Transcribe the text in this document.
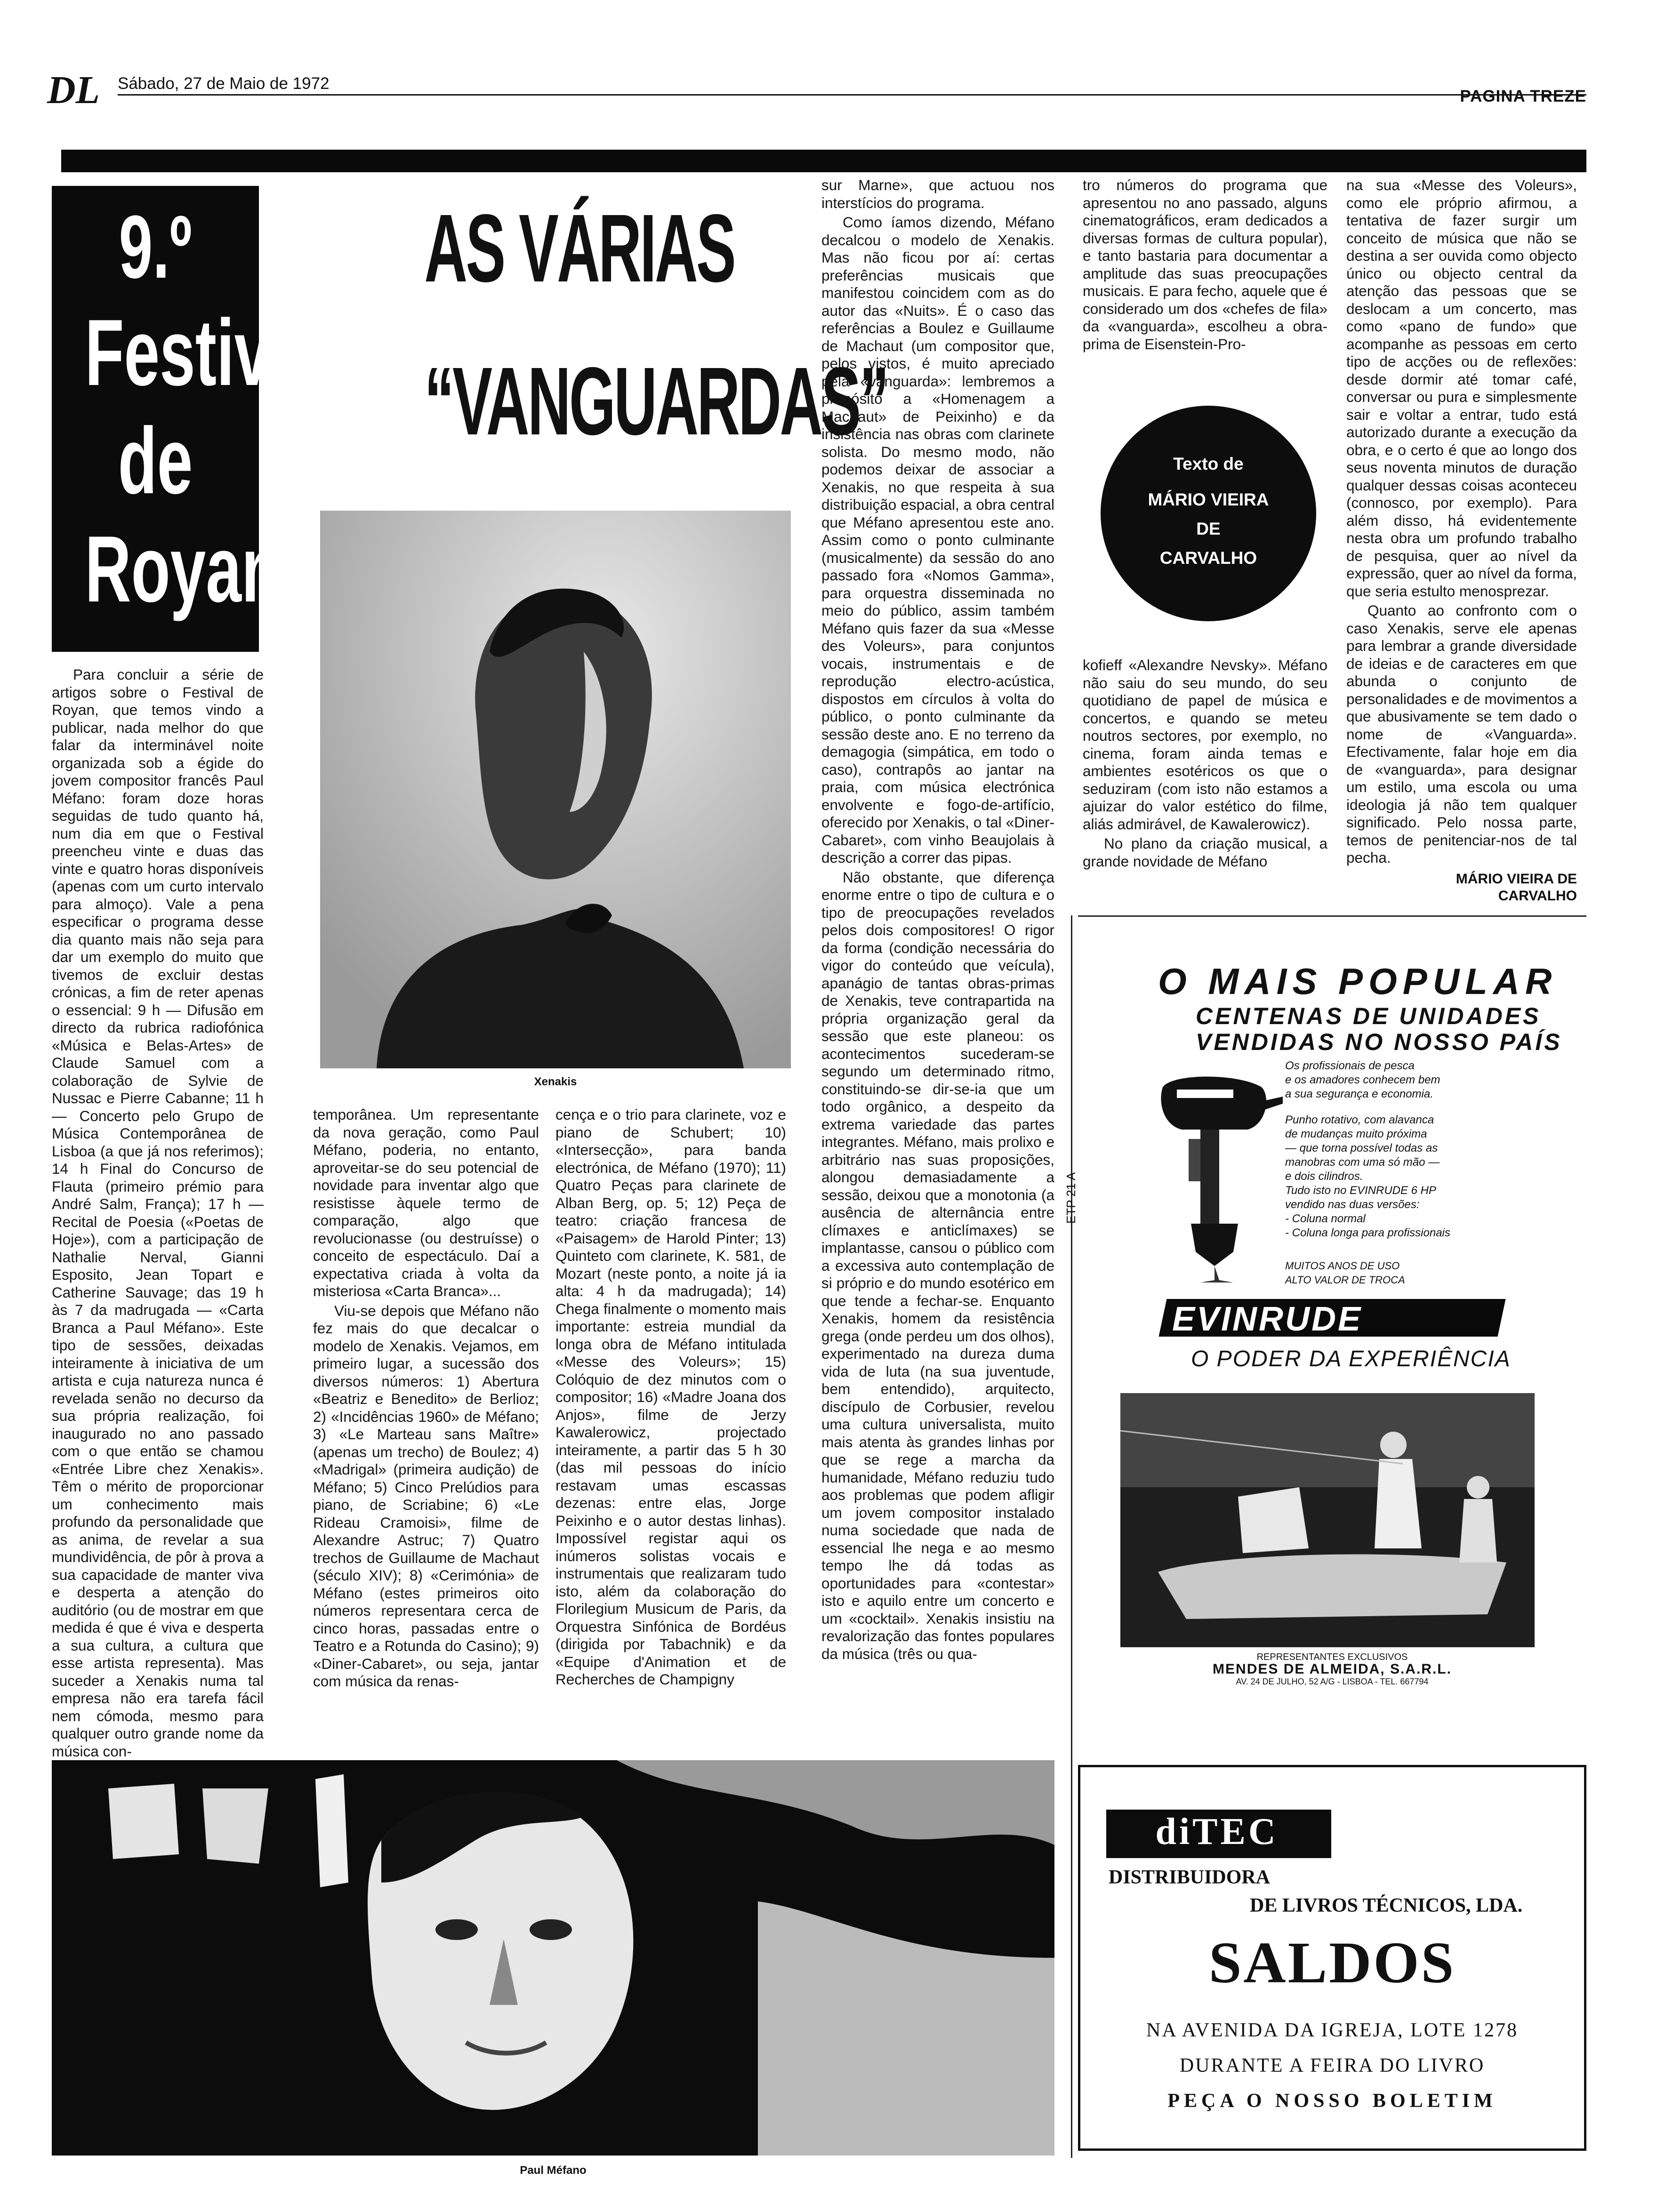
DL Sábado, 27 de Maio de 1972
PAGINA TREZE
9.º
Festival
de
Royan
AS VÁRIAS
“VANGUARDAS”
Xenakis

Para concluir a série de artigos sobre o Festival de Royan, que temos vindo a publicar, nada melhor do que falar da interminável noite organizada sob a égide do jovem compositor francês Paul Méfano: foram doze horas seguidas de tudo quanto há, num dia em que o Festival preencheu vinte e duas das vinte e quatro horas disponíveis (apenas com um curto intervalo para almoço). Vale a pena especificar o programa desse dia quanto mais não seja para dar um exemplo do muito que tivemos de excluir destas crónicas, a fim de reter apenas o essencial: 9 h — Difusão em directo da rubrica radiofónica «Música e Belas-Artes» de Claude Samuel com a colaboração de Sylvie de Nussac e Pierre Cabanne; 11 h — Concerto pelo Grupo de Música Contemporânea de Lisboa (a que já nos referimos); 14 h Final do Concurso de Flauta (primeiro prémio para André Salm, França); 17 h — Recital de Poesia («Poetas de Hoje»), com a participação de Nathalie Nerval, Gianni Esposito, Jean Topart e Catherine Sauvage; das 19 h às 7 da madrugada — «Carta Branca a Paul Méfano». Este tipo de sessões, deixadas inteiramente à iniciativa de um artista e cuja natureza nunca é revelada senão no decurso da sua própria realização, foi inaugurado no ano passado com o que então se chamou «Entrée Libre chez Xenakis». Têm o mérito de proporcionar um conhecimento mais profundo da personalidade que as anima, de revelar a sua mundividência, de pôr à prova a sua capacidade de manter viva e desperta a atenção do auditório (ou de mostrar em que medida é que é viva e desperta a sua cultura, a cultura que esse artista representa). Mas suceder a Xenakis numa tal empresa não era tarefa fácil nem cómoda, mesmo para qualquer outro grande nome da música con-

temporânea. Um representante da nova geração, como Paul Méfano, poderia, no entanto, aproveitar-se do seu potencial de novidade para inventar algo que resistisse àquele termo de comparação, algo que revolucionasse (ou destruísse) o conceito de espectáculo. Daí a expectativa criada à volta da misteriosa «Carta Branca»...

Viu-se depois que Méfano não fez mais do que decalcar o modelo de Xenakis. Vejamos, em primeiro lugar, a sucessão dos diversos números: 1) Abertura «Beatriz e Benedito» de Berlioz; 2) «Incidências 1960» de Méfano; 3) «Le Marteau sans Maître» (apenas um trecho) de Boulez; 4) «Madrigal» (primeira audição) de Méfano; 5) Cinco Prelúdios para piano, de Scriabine; 6) «Le Rideau Cramoisi», filme de Alexandre Astruc; 7) Quatro trechos de Guillaume de Machaut (século XIV); 8) «Cerimónia» de Méfano (estes primeiros oito números representara cerca de cinco horas, passadas entre o Teatro e a Rotunda do Casino); 9) «Diner-Cabaret», ou seja, jantar com música da renas-

cença e o trio para clarinete, voz e piano de Schubert; 10) «Intersecção», para banda electrónica, de Méfano (1970); 11) Quatro Peças para clarinete de Alban Berg, op. 5; 12) Peça de teatro: criação francesa de «Paisagem» de Harold Pinter; 13) Quinteto com clarinete, K. 581, de Mozart (neste ponto, a noite já ia alta: 4 h da madrugada); 14) Chega finalmente o momento mais importante: estreia mundial da longa obra de Méfano intitulada «Messe des Voleurs»; 15) Colóquio de dez minutos com o compositor; 16) «Madre Joana dos Anjos», filme de Jerzy Kawalerowicz, projectado inteiramente, a partir das 5 h 30 (das mil pessoas do início restavam umas escassas dezenas: entre elas, Jorge Peixinho e o autor destas linhas). Impossível registar aqui os inúmeros solistas vocais e instrumentais que realizaram tudo isto, além da colaboração do Florilegium Musicum de Paris, da Orquestra Sinfónica de Bordéus (dirigida por Tabachnik) e da «Equipe d'Animation et de Recherches de Champigny

sur Marne», que actuou nos interstícios do programa.

Como íamos dizendo, Méfano decalcou o modelo de Xenakis. Mas não ficou por aí: certas preferências musicais que manifestou coincidem com as do autor das «Nuits». É o caso das referências a Boulez e Guillaume de Machaut (um compositor que, pelos vistos, é muito apreciado pela «vanguarda»: lembremos a propósito a «Homenagem a Machaut» de Peixinho) e da insistência nas obras com clarinete solista. Do mesmo modo, não podemos deixar de associar a Xenakis, no que respeita à sua distribuição espacial, a obra central que Méfano apresentou este ano. Assim como o ponto culminante (musicalmente) da sessão do ano passado fora «Nomos Gamma», para orquestra disseminada no meio do público, assim também Méfano quis fazer da sua «Messe des Voleurs», para conjuntos vocais, instrumentais e de reprodução electro-acústica, dispostos em círculos à volta do público, o ponto culminante da sessão deste ano. E no terreno da demagogia (simpática, em todo o caso), contrapôs ao jantar na praia, com música electrónica envolvente e fogo-de-artifício, oferecido por Xenakis, o tal «Diner-Cabaret», com vinho Beaujolais à descrição a correr das pipas.

Não obstante, que diferença enorme entre o tipo de cultura e o tipo de preocupações revelados pelos dois compositores! O rigor da forma (condição necessária do vigor do conteúdo que veícula), apanágio de tantas obras-primas de Xenakis, teve contrapartida na própria organização geral da sessão que este planeou: os acontecimentos sucederam-se segundo um determinado ritmo, constituindo-se dir-se-ia que um todo orgânico, a despeito da extrema variedade das partes integrantes. Méfano, mais prolixo e arbitrário nas suas proposições, alongou demasiadamente a sessão, deixou que a monotonia (a ausência de alternância entre clímaxes e anticlímaxes) se implantasse, cansou o público com a excessiva auto contemplação de si próprio e do mundo esotérico em que tende a fechar-se. Enquanto Xenakis, homem da resistência grega (onde perdeu um dos olhos), experimentado na dureza duma vida de luta (na sua juventude, bem entendido), arquitecto, discípulo de Corbusier, revelou uma cultura universalista, muito mais atenta às grandes linhas por que se rege a marcha da humanidade, Méfano reduziu tudo aos problemas que podem afligir um jovem compositor instalado numa sociedade que nada de essencial lhe nega e ao mesmo tempo lhe dá todas as oportunidades para «contestar» isto e aquilo entre um concerto e um «cocktail». Xenakis insistiu na revalorização das fontes populares da música (três ou qua-

tro números do programa que apresentou no ano passado, alguns cinematográficos, eram dedicados a diversas formas de cultura popular), e tanto bastaria para documentar a amplitude das suas preocupações musicais. E para fecho, aquele que é considerado um dos «chefes de fila» da «vanguarda», escolheu a obra-prima de Eisenstein-Pro-

Texto de
MÁRIO VIEIRA
DE
CARVALHO

kofieff «Alexandre Nevsky». Méfano não saiu do seu mundo, do seu quotidiano de papel de música e concertos, e quando se meteu noutros sectores, por exemplo, no cinema, foram ainda temas e ambientes esotéricos os que o seduziram (com isto não estamos a ajuizar do valor estético do filme, aliás admirável, de Kawalerowicz).

No plano da criação musical, a grande novidade de Méfano

na sua «Messe des Voleurs», como ele próprio afirmou, a tentativa de fazer surgir um conceito de música que não se destina a ser ouvida como objecto único ou objecto central da atenção das pessoas que se deslocam a um concerto, mas como «pano de fundo» que acompanhe as pessoas em certo tipo de acções ou de reflexões: desde dormir até tomar café, conversar ou pura e simplesmente sair e voltar a entrar, tudo está autorizado durante a execução da obra, e o certo é que ao longo dos seus noventa minutos de duração qualquer dessas coisas aconteceu (connosco, por exemplo). Para além disso, há evidentemente nesta obra um profundo trabalho de pesquisa, quer ao nível da expressão, quer ao nível da forma, que seria estulto menosprezar.

Quanto ao confronto com o caso Xenakis, serve ele apenas para lembrar a grande diversidade de ideias e de caracteres em que abunda o conjunto de personalidades e de movimentos a que abusivamente se tem dado o nome de «Vanguarda». Efectivamente, falar hoje em dia de «vanguarda», para designar um estilo, uma escola ou uma ideologia já não tem qualquer significado. Pelo nossa parte, temos de penitenciar-nos de tal pecha.

MÁRIO VIEIRA DE
CARVALHO
O MAIS POPULAR
CENTENAS DE UNIDADES
VENDIDAS NO NOSSO PAÍS
Os profissionais de pesca
e os amadores conhecem bem
a sua segurança e economia.
Punho rotativo, com alavanca
de mudanças muito próxima
— que torna possível todas as
manobras com uma só mão —
e dois cilindros.
Tudo isto no EVINRUDE 6 HP
vendido nas duas versões:
- Coluna normal
- Coluna longa para profissionais
MUITOS ANOS DE USO
ALTO VALOR DE TROCA
ETP 21 A
EVINRUDE
O PODER DA EXPERIÊNCIA
REPRESENTANTES EXCLUSIVOS
MENDES DE ALMEIDA, S.A.R.L.
AV. 24 DE JULHO, 52 A/G - LISBOA - TEL. 667794
diTEC
DISTRIBUIDORA
DE LIVROS TÉCNICOS, LDA.
SALDOS
NA AVENIDA DA IGREJA, LOTE 1278
DURANTE A FEIRA DO LIVRO
PEÇA O NOSSO BOLETIM
Paul Méfano
